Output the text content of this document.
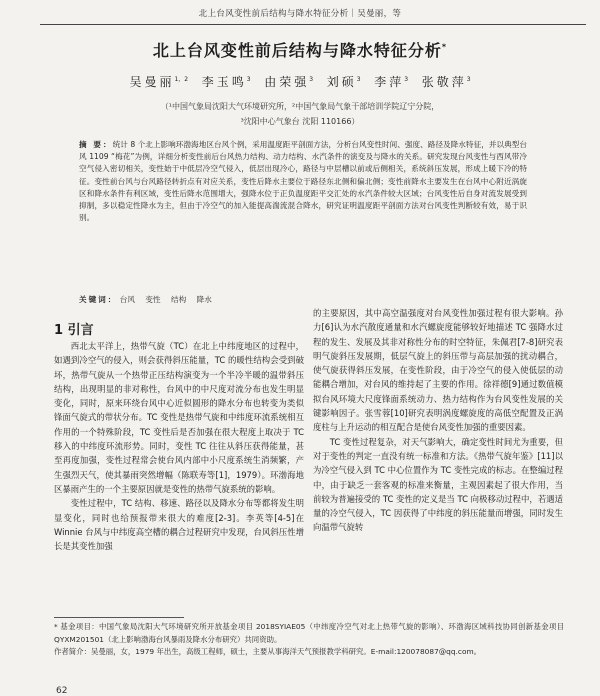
北上台风变性前后结构与降水特征分析｜吴曼丽，等
北上台风变性前后结构与降水特征分析*
吴曼丽$^{1,2}$ 李玉鸣$^3$ 由荣强$^3$ 刘硕$^3$ 李萍$^3$ 张敬萍$^3$
（¹中国气象局沈阳大气环境研究所，²中国气象局气象干部培训学院辽宁分院，
³沈阳中心气象台 沈阳 110166）
摘 要：统计 8 个北上影响环渤海地区台风个例，采用温度距平剖面方法，分析台风变性时间、强度、路径及降水特征，并以典型台风 1109 “梅花”为例，详细分析变性前后台风热力结构、动力结构、水汽条件的演变及与降水的关系。研究发现台风变性与西风带冷空气侵入密切相关，变性始于中低层冷空气侵入，低层出现冷心，路径与中层槽以前或后侧相关，系统斜压发展，形成上暖下冷的特征。变性前台风与台风路径转折点有对应关系，变性后降水主要位于路径东北侧和偏北侧；变性前降水主要发生在台风中心附近涡旋区和降水条件有利区域，变性后降水范围增大，强降水位于正负温度距平交汇处的水汽条件较大区域；台风变性后自身对流发展受到抑制，多以稳定性降水为主，但由于冷空气的加入能提高湍流混合降水，研究证明温度距平剖面方法对台风变性判断较有效，易于识别。
关键词： 台风 变性 结构 降水
1 引言

西北太平洋上，热带气旋（TC）在北上中纬度地区的过程中，如遇到冷空气的侵入，则会获得斜压能量，TC 的暖性结构会受到破坏，热带气旋从一个热带正压结构演变为一个半冷半暖的温带斜压结构，出现明显的非对称性，台风中的中尺度对流分布也发生明显变化，同时，原来环绕台风中心近似圆形的降水分布也转变为类似锋面气旋式的带状分布。TC 变性是热带气旋和中纬度环流系统相互作用的一个特殊阶段，TC 变性后是否加强在很大程度上取决于 TC 移入的中纬度环流形势。同时，变性 TC 往往从斜压获得能量，甚至再度加强，变性过程常会使台风内部中小尺度系统生消频繁，产生强烈天气，使其暴雨突然增幅（陈联寿等[1]，1979）。环渤海地区暴雨产生的一个主要原因就是变性的热带气旋系统的影响。

变性过程中，TC 结构、移速、路径以及降水分布等都将发生明显变化，同时也给预报带来很大的难度[2-3]。李英等[4-5]在 Winnie 台风与中纬度高空槽的耦合过程研究中发现，台风斜压性增长是其变性加强

的主要原因，其中高空温强度对台风变性加强过程有很大影响。孙力[6]认为水汽散度通量和水汽螺旋度能够较好地描述 TC 强降水过程的发生、发展及其非对称性分布的时空特征，朱佩君[7-8]研究表明气旋斜压发展期，低层气旋上的斜压带与高层加强的扰动耦合，使气旋获得斜压发展，在变性阶段，由于冷空气的侵入使低层的动能耦合增加，对台风的维持起了主要的作用。徐祥德[9]通过数值模拟台风环境大尺度锋面系统动力、热力结构作为台风变性发展的关键影响因子。张雪蓉[10]研究表明涡度螺旋度的高低空配置及正涡度柱与上升运动的相互配合是使台风变性加强的重要因素。

TC 变性过程复杂，对天气影响大，确定变性时间尤为重要，但对于变性的判定一直没有统一标准和方法。《热带气旋年鉴》[11]以为冷空气侵入到 TC 中心位置作为 TC 变性完成的标志。在整编过程中，由于缺乏一套客观的标准来衡量，主观因素起了很大作用，当前较为普遍接受的 TC 变性的定义是当 TC 向极移动过程中，若遇适量的冷空气侵入，TC 因获得了中纬度的斜压能量而增强，同时发生向温带气旋转

* 基金项目：中国气象局沈阳大气环境研究所开放基金项目 2018SYIAE05（中纬度冷空气对北上热带气旋的影响）、环渤海区域科技协同创新基金项目 QYXM201501（北上影响渤海台风暴雨及降水分布研究）共同资助。
作者简介：吴曼丽，女，1979 年出生，高级工程师，硕士，主要从事海洋天气预报教学科研究。E-mail:120078087@qq.com。
62
